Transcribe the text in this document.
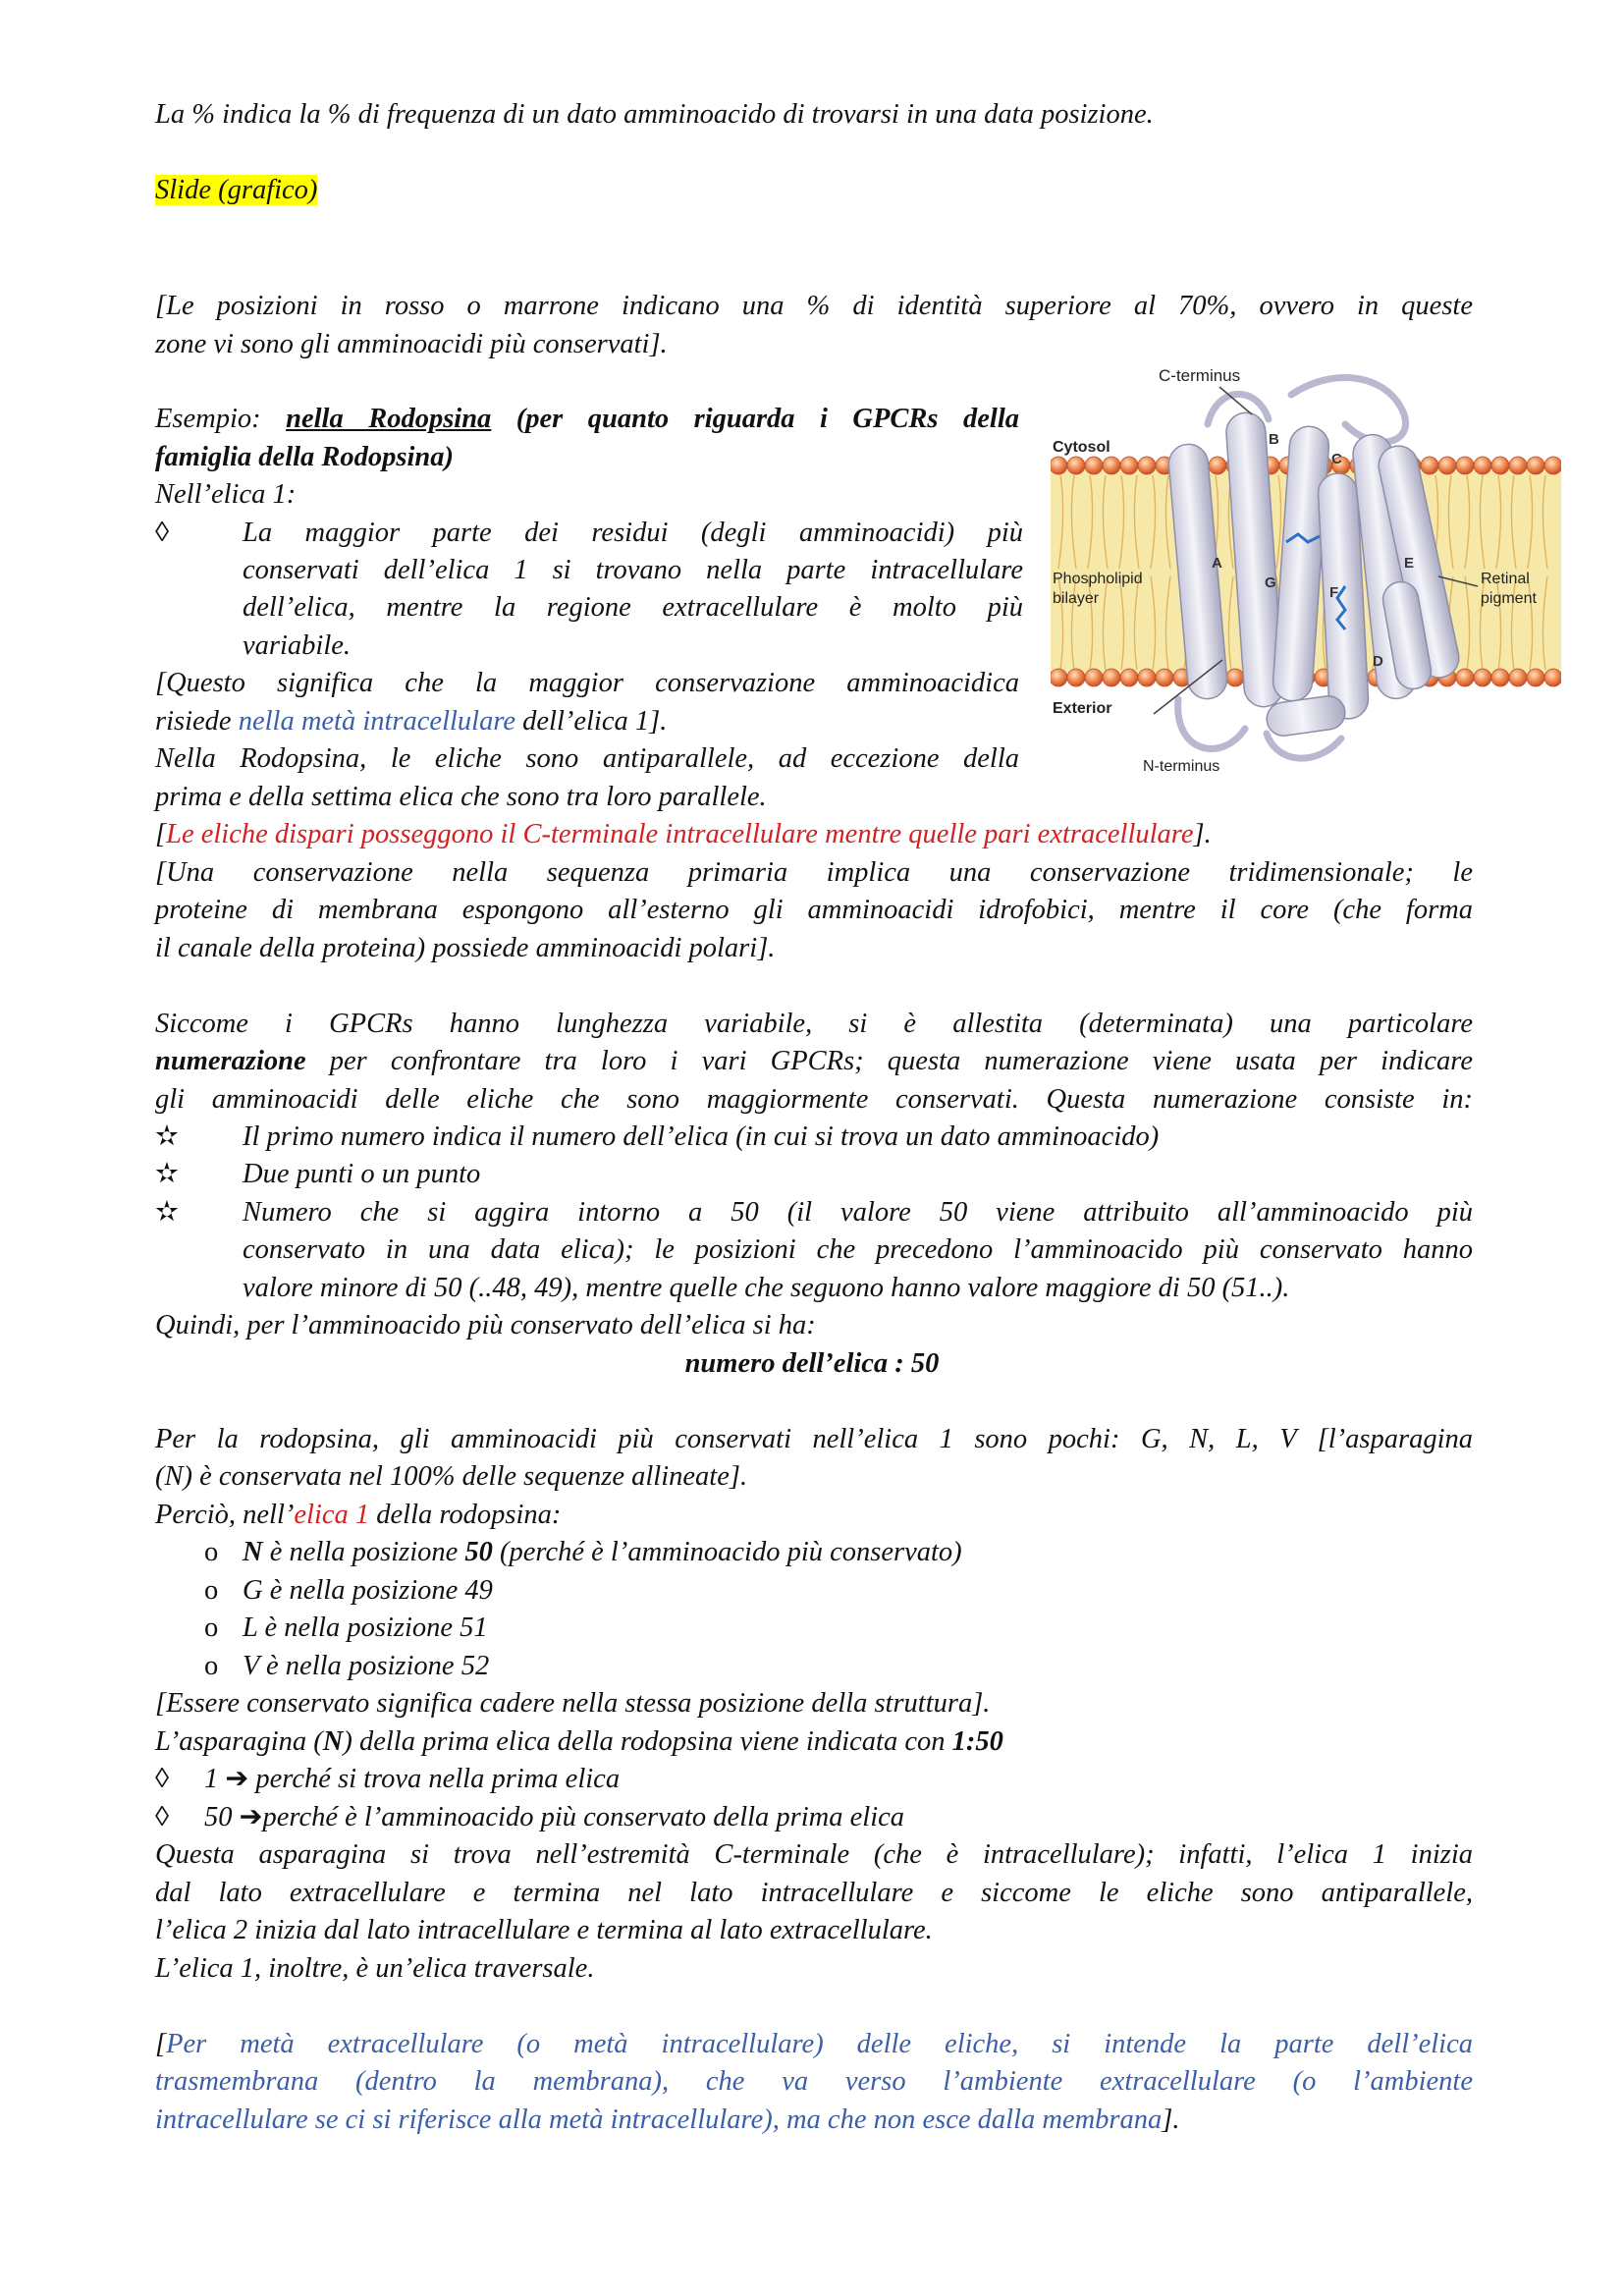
La % indica la % di frequenza di un dato amminoacido di trovarsi in una data posizione.
Slide (grafico)
[Le posizioni in rosso o marrone indicano una % di identità superiore al 70%, ovvero in queste
zone vi sono gli amminoacidi più conservati].
Esempio: nella Rodopsina (per quanto riguarda i GPCRs della
famiglia della Rodopsina)
Nell’elica 1:
◊	La maggior parte dei residui (degli amminoacidi) più
conservati dell’elica 1 si trovano nella parte intracellulare
dell’elica, mentre la regione extracellulare è molto più
variabile.
[Questo significa che la maggior conservazione amminoacidica
risiede nella metà intracellulare dell’elica 1].
Nella Rodopsina, le eliche sono antiparallele, ad eccezione della
prima e della settima elica che sono tra loro parallele.
[Le eliche dispari posseggono il C-terminale intracellulare mentre quelle pari extracellulare].
[Una conservazione nella sequenza primaria implica una conservazione tridimensionale; le
proteine di membrana espongono all’esterno gli amminoacidi idrofobici, mentre il core (che forma
il canale della proteina) possiede amminoacidi polari].
Siccome i GPCRs hanno lunghezza variabile, si è allestita (determinata) una particolare
numerazione per confrontare tra loro i vari GPCRs; questa numerazione viene usata per indicare
gli amminoacidi delle eliche che sono maggiormente conservati. Questa numerazione consiste in:
✫ Il primo numero indica il numero dell’elica (in cui si trova un dato amminoacido)
✫ Due punti o un punto
✫ Numero che si aggira intorno a 50 (il valore 50 viene attribuito all’amminoacido più
conservato in una data elica); le posizioni che precedono l’amminoacido più conservato hanno
valore minore di 50 (..48, 49), mentre quelle che seguono hanno valore maggiore di 50 (51..).
Quindi, per l’amminoacido più conservato dell’elica si ha:
numero dell’elica : 50
Per la rodopsina, gli amminoacidi più conservati nell’elica 1 sono pochi: G, N, L, V [l’asparagina
(N) è conservata nel 100% delle sequenze allineate].
Perciò, nell’elica 1 della rodopsina:
o N è nella posizione 50 (perché è l’amminoacido più conservato)
o G è nella posizione 49
o L è nella posizione 51
o V è nella posizione 52
[Essere conservato significa cadere nella stessa posizione della struttura].
L’asparagina (N) della prima elica della rodopsina viene indicata con 1:50
◊ 1 ➔ perché si trova nella prima elica
◊ 50 ➔perché è l’amminoacido più conservato della prima elica
Questa asparagina si trova nell’estremità C-terminale (che è intracellulare); infatti, l’elica 1 inizia
dal lato extracellulare e termina nel lato intracellulare e siccome le eliche sono antiparallele,
l’elica 2 inizia dal lato intracellulare e termina al lato extracellulare.
L’elica 1, inoltre, è un’elica traversale.
[Per metà extracellulare (o metà intracellulare) delle eliche, si intende la parte dell’elica
trasmembrana (dentro la membrana), che va verso l’ambiente extracellulare (o l’ambiente
intracellulare se ci si riferisce alla metà intracellulare), ma che non esce dalla membrana].
C-terminus
Cytosol
Phospholipid
bilayer
Retinal
pigment
Exterior
N-terminus
A
B
C
D
E
F
G
